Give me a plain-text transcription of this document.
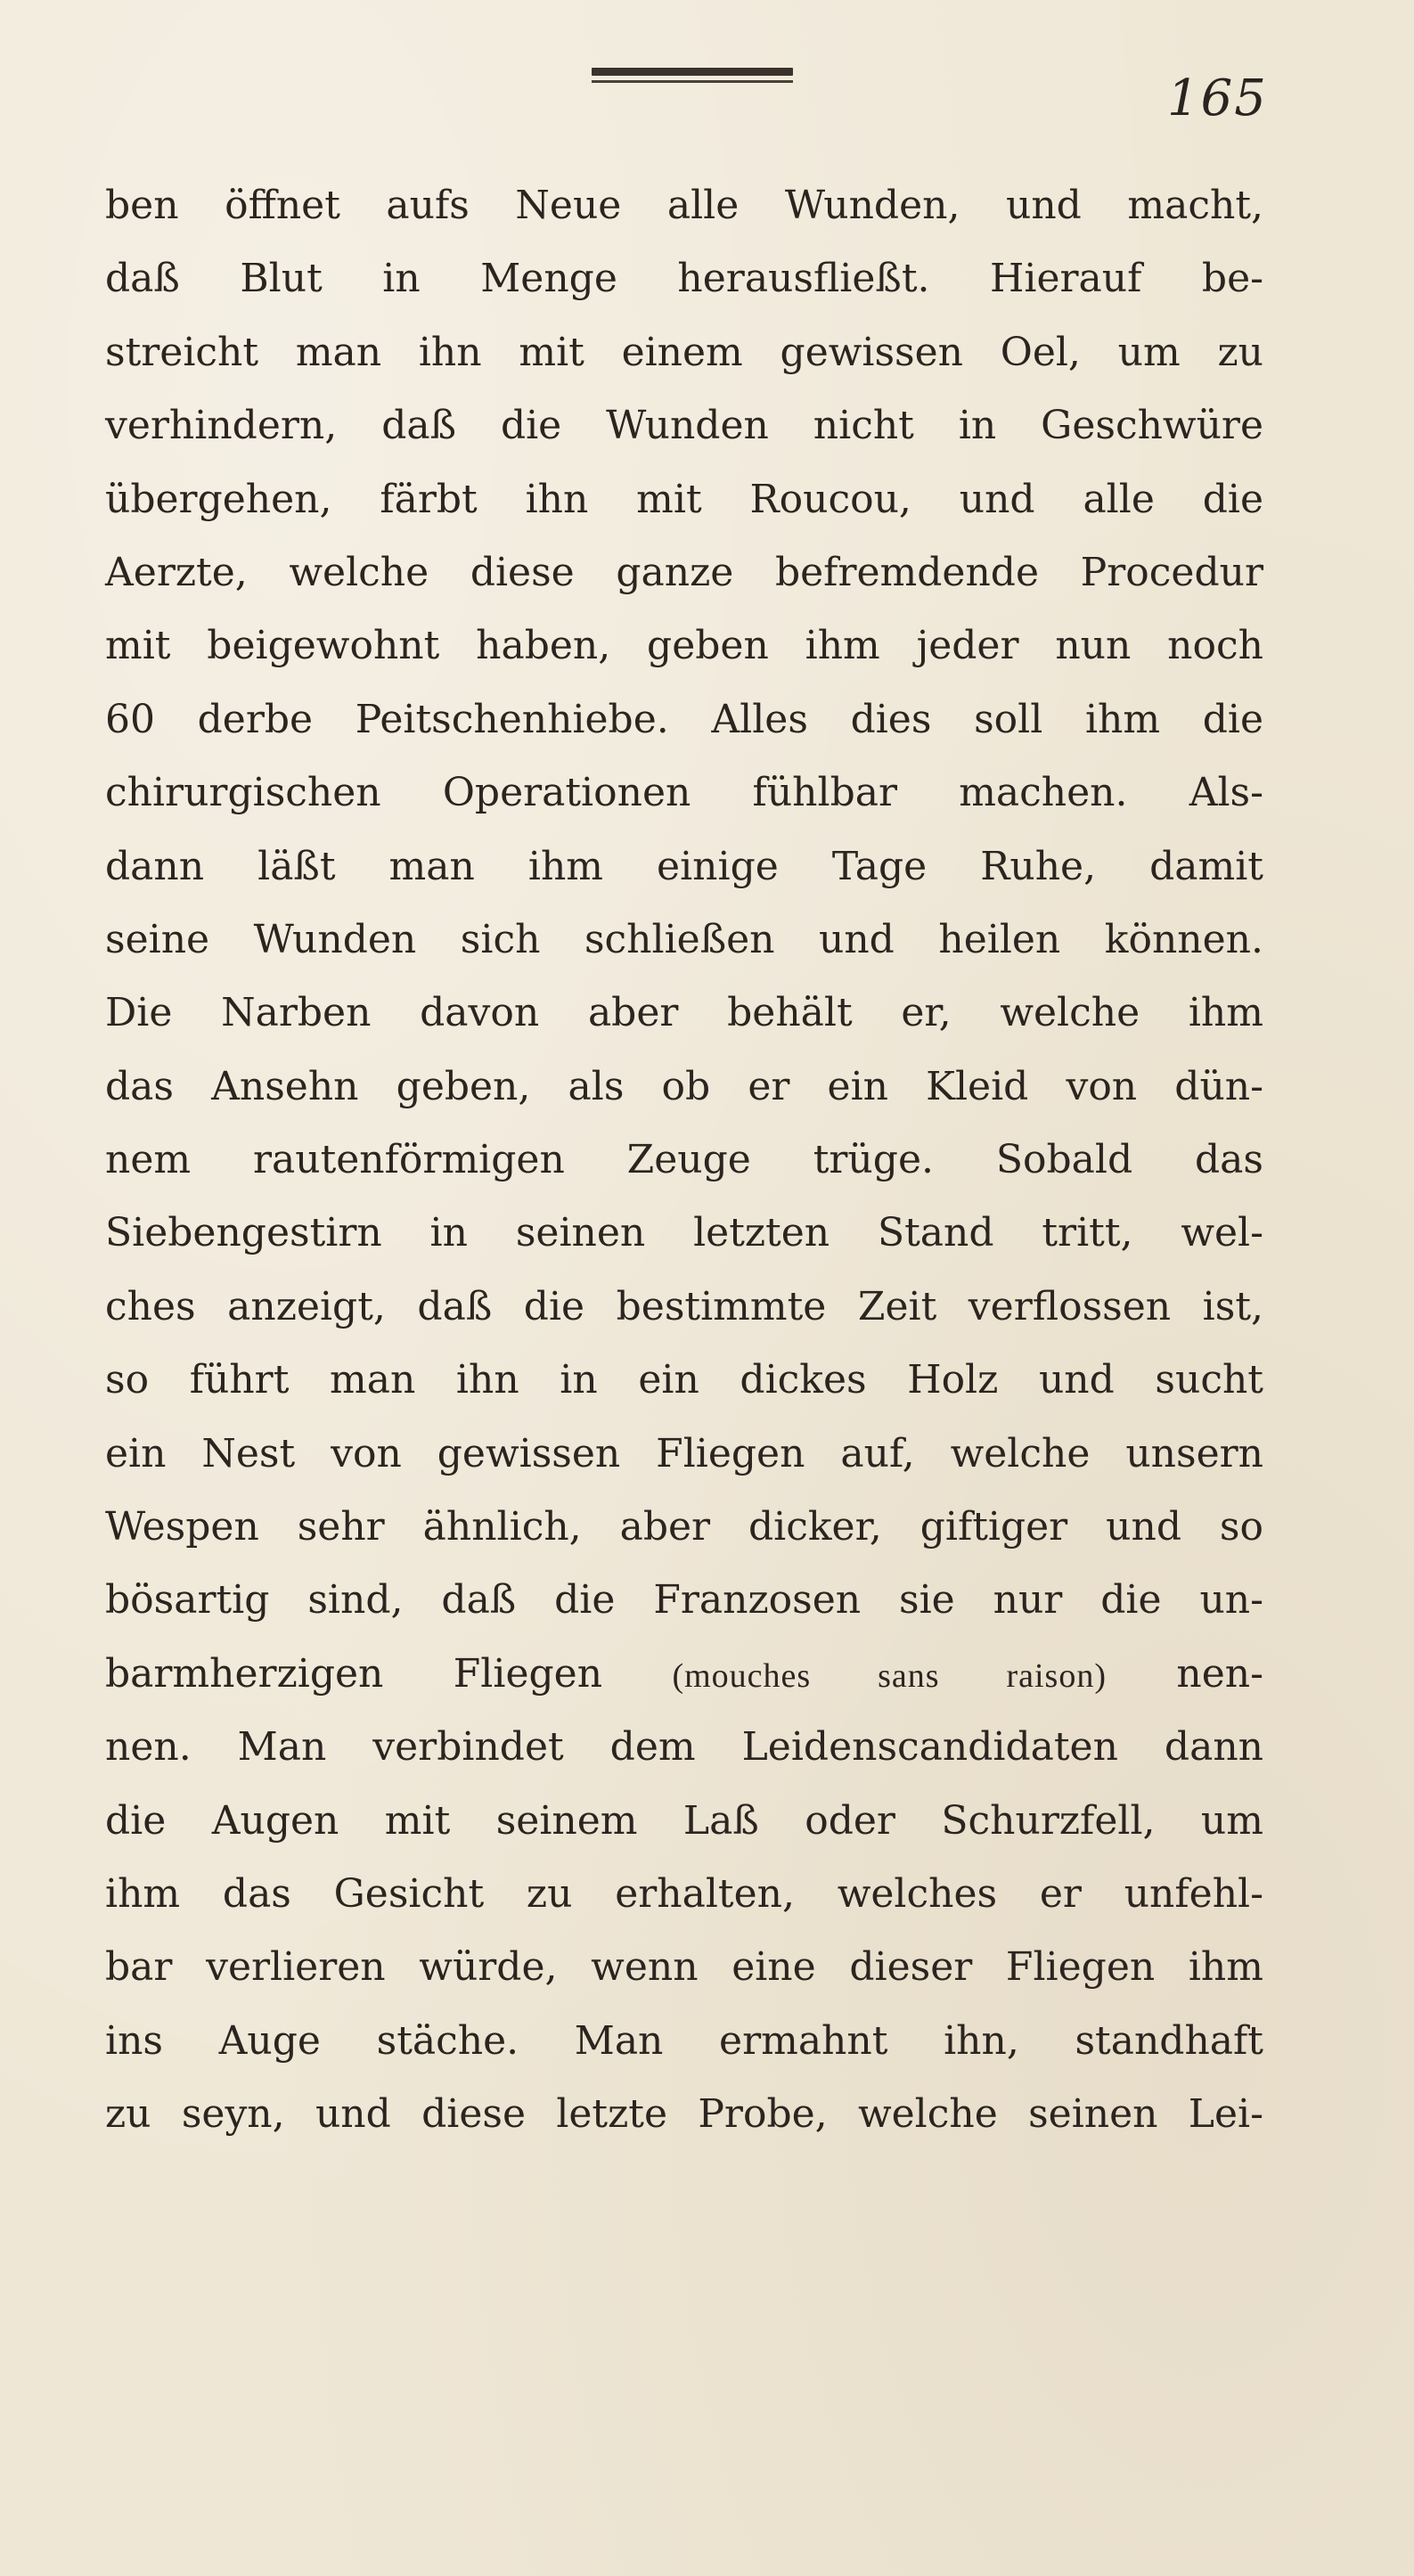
165
ben öffnet aufs Neue alle Wunden, und macht,
daß Blut in Menge herausfließt. Hierauf be-
streicht man ihn mit einem gewissen Oel, um zu
verhindern, daß die Wunden nicht in Geschwüre
übergehen, färbt ihn mit Roucou, und alle die
Aerzte, welche diese ganze befremdende Procedur
mit beigewohnt haben, geben ihm jeder nun noch
60 derbe Peitschenhiebe. Alles dies soll ihm die
chirurgischen Operationen fühlbar machen. Als-
dann läßt man ihm einige Tage Ruhe, damit
seine Wunden sich schließen und heilen können.
Die Narben davon aber behält er, welche ihm
das Ansehn geben, als ob er ein Kleid von dün-
nem rautenförmigen Zeuge trüge. Sobald das
Siebengestirn in seinen letzten Stand tritt, wel-
ches anzeigt, daß die bestimmte Zeit verflossen ist,
so führt man ihn in ein dickes Holz und sucht
ein Nest von gewissen Fliegen auf, welche unsern
Wespen sehr ähnlich, aber dicker, giftiger und so
bösartig sind, daß die Franzosen sie nur die un-
barmherzigen Fliegen (mouches sans raison) nen-
nen. Man verbindet dem Leidenscandidaten dann
die Augen mit seinem Laß oder Schurzfell, um
ihm das Gesicht zu erhalten, welches er unfehl-
bar verlieren würde, wenn eine dieser Fliegen ihm
ins Auge stäche. Man ermahnt ihn, standhaft
zu seyn, und diese letzte Probe, welche seinen Lei-
